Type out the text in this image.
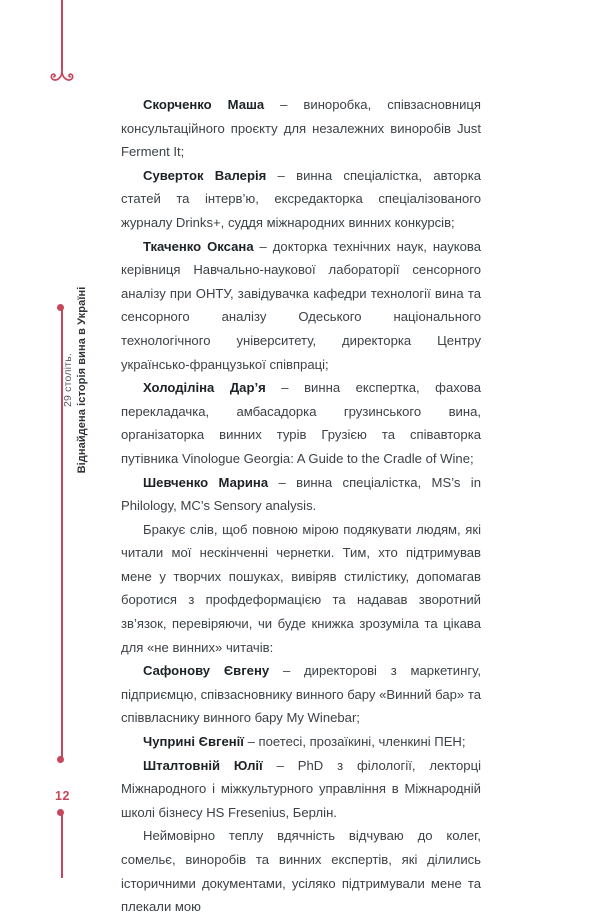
12
29 століть. Віднайдена історія вина в Україні

Скорченко Маша – виноробка, співзасновниця консультаційного проєкту для незалежних виноробів Just Ferment It;

Суверток Валерія – винна спеціалістка, авторка статей та інтерв’ю, ексредакторка спеціалізованого журналу Drinks+, суддя міжнародних винних конкурсів;

Ткаченко Оксана – докторка технічних наук, наукова керівниця Навчально-наукової лабораторії сенсорного аналізу при ОНТУ, завідувачка кафедри технології вина та сенсорного аналізу Одеського національного технологічного університету, директорка Центру українсько-французької співпраці;

Холоділіна Дар’я – винна експертка, фахова перекладачка, амбасадорка грузинського вина, організаторка винних турів Грузією та співавторка путівника Vinologue Georgia: A Guide to the Cradle of Wine;

Шевченко Марина – винна спеціалістка, MS’s in Philology, MC’s Sensory analysis.

Бракує слів, щоб повною мірою подякувати людям, які читали мої нескінченні чернетки. Тим, хто підтримував мене у творчих пошуках, вивіряв стилістику, допомагав боротися з профдеформацією та надавав зворотний зв’язок, перевіряючи, чи буде книжка зрозуміла та цікава для «не винних» читачів:

Сафонову Євгену – директорові з маркетингу, підприємцю, співзасновнику винного бару «Винний бар» та співвласнику винного бару My Winebar;

Чуприні Євгенії – поетесі, прозаїкині, членкині ПЕН;

Шталтовній Юлії – PhD з філології, лекторці Міжнародного і міжкультурного управління в Міжнародній школі бізнесу HS Fresenius, Берлін.

Неймовірно теплу вдячність відчуваю до колег, сомельє, виноробів та винних експертів, які ділились історичними документами, усіляко підтримували мене та плекали мою
